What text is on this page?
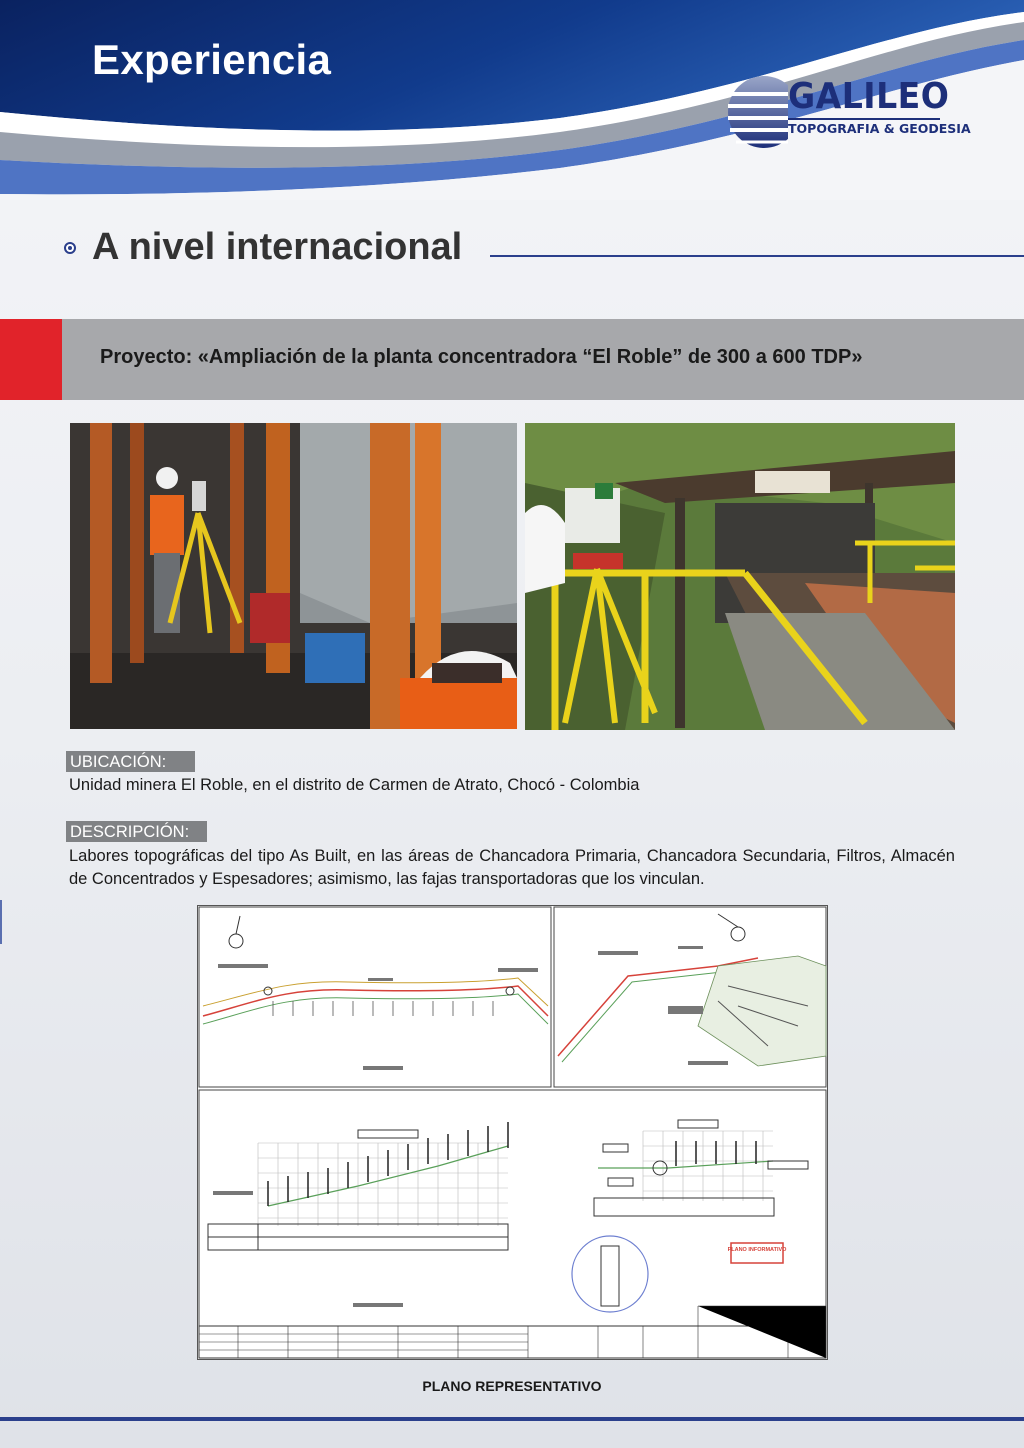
Experiencia
GALILEO
TOPOGRAFIA & GEODESIA
A nivel internacional
Proyecto: «Ampliación de la planta concentradora “El Roble” de 300 a 600 TDP»
UBICACIÓN:
Unidad minera El Roble, en el distrito de Carmen de Atrato, Chocó - Colombia
DESCRIPCIÓN:
Labores topográficas del tipo As Built, en las áreas de Chancadora Primaria, Chancadora Secundaria, Filtros, Almacén de Concentrados y Espesadores; asimismo, las fajas transportadoras que los vinculan.
PLANO INFORMATIVO
PLANO REPRESENTATIVO
